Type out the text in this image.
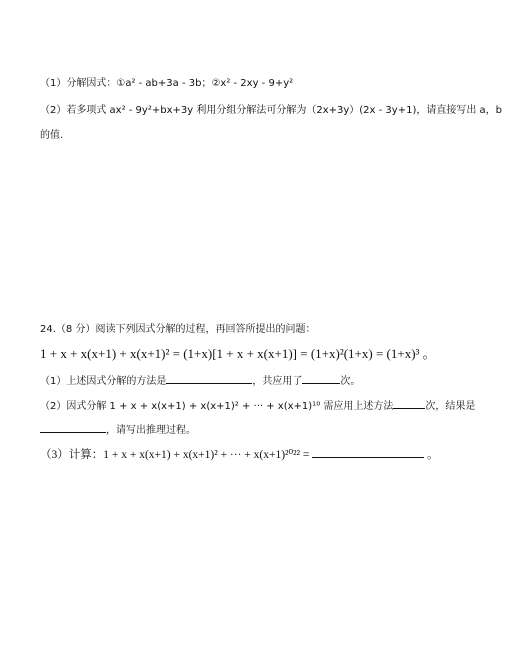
（1）分解因式：①a² - ab+3a - 3b；②x² - 2xy - 9+y²
（2）若多项式 ax² - 9y²+bx+3y 利用分组分解法可分解为（2x+3y）(2x - 3y+1)，请直接写出 a，b
的值.
24.（8 分）阅读下列因式分解的过程，再回答所提出的问题：
1 + x + x(x+1) + x(x+1)² = (1+x)[1 + x + x(x+1)] = (1+x)²(1+x) = (1+x)³ 。
（1）上述因式分解的方法是	，共应用了	次。
（2）因式分解 1 + x + x(x+1) + x(x+1)² + ··· + x(x+1)¹⁰ 需应用上述方法	次，结果是
，请写出推理过程。
（3）计算：1 + x + x(x+1) + x(x+1)² + ··· + x(x+1)²⁰²² =	。
